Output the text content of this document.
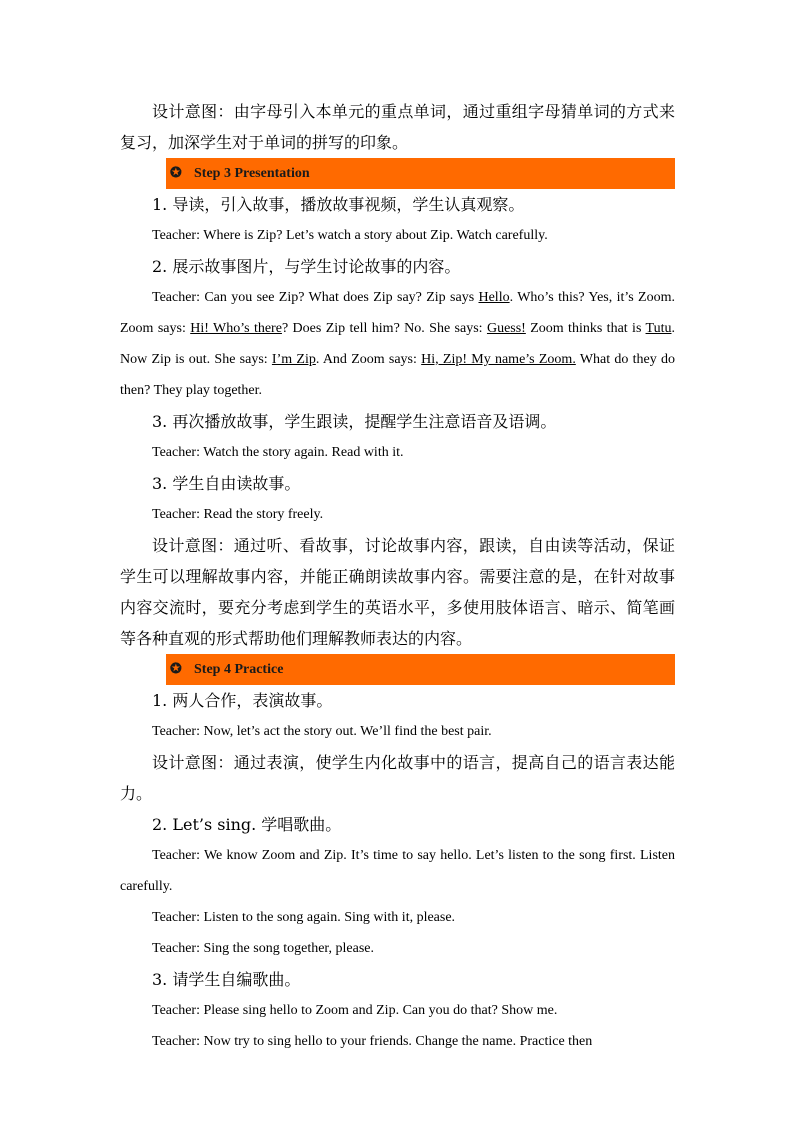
设计意图：由字母引入本单元的重点单词，通过重组字母猜单词的方式来复习，加深学生对于单词的拼写的印象。

✪ Step 3 Presentation

1. 导读，引入故事，播放故事视频，学生认真观察。

Teacher: Where is Zip? Let’s watch a story about Zip. Watch carefully.

2. 展示故事图片，与学生讨论故事的内容。

Teacher: Can you see Zip? What does Zip say? Zip says Hello. Who’s this? Yes, it’s Zoom. Zoom says: Hi! Who’s there? Does Zip tell him? No. She says: Guess! Zoom thinks that is Tutu. Now Zip is out. She says: I’m Zip. And Zoom says: Hi, Zip! My name’s Zoom. What do they do then? They play together.

3. 再次播放故事，学生跟读，提醒学生注意语音及语调。

Teacher: Watch the story again. Read with it.

3. 学生自由读故事。

Teacher: Read the story freely.

设计意图：通过听、看故事，讨论故事内容，跟读，自由读等活动，保证学生可以理解故事内容，并能正确朗读故事内容。需要注意的是，在针对故事内容交流时，要充分考虑到学生的英语水平，多使用肢体语言、暗示、简笔画等各种直观的形式帮助他们理解教师表达的内容。

✪ Step 4 Practice

1. 两人合作，表演故事。

Teacher: Now, let’s act the story out. We’ll find the best pair.

设计意图：通过表演，使学生内化故事中的语言，提高自己的语言表达能力。

2. Let’s sing. 学唱歌曲。

Teacher: We know Zoom and Zip. It’s time to say hello. Let’s listen to the song first. Listen carefully.

Teacher: Listen to the song again. Sing with it, please.

Teacher: Sing the song together, please.

3. 请学生自编歌曲。

Teacher: Please sing hello to Zoom and Zip. Can you do that? Show me.

Teacher: Now try to sing hello to your friends. Change the name. Practice then
